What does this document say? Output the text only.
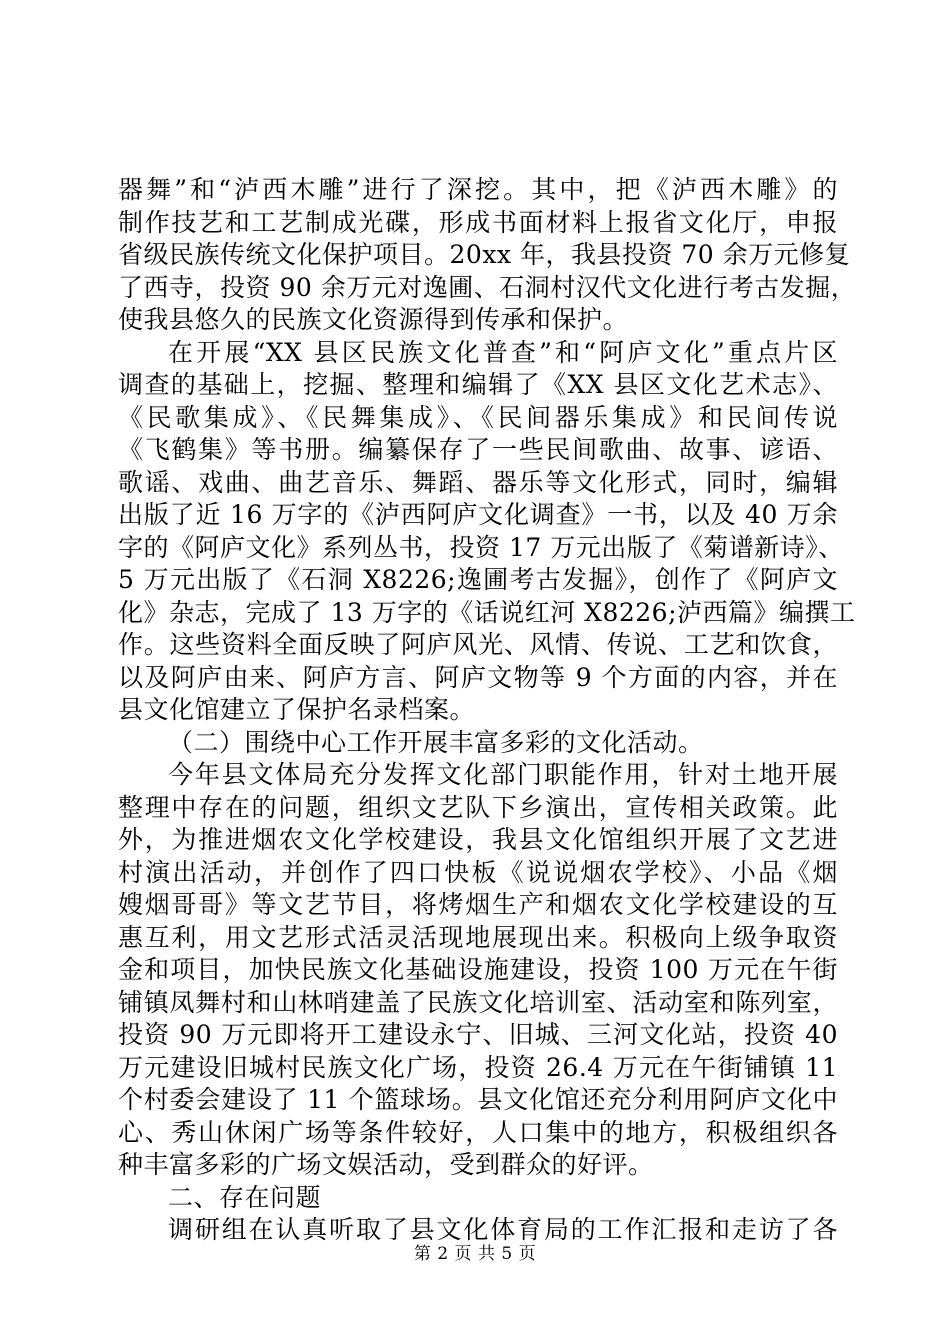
器舞”和“泸西木雕”进行了深挖。其中，把《泸西木雕》的
制作技艺和工艺制成光碟，形成书面材料上报省文化厅，申报
省级民族传统文化保护项目。20xx 年，我县投资 70 余万元修复
了西寺，投资 90 余万元对逸圃、石洞村汉代文化进行考古发掘，
使我县悠久的民族文化资源得到传承和保护。
在开展“XX 县区民族文化普查”和“阿庐文化”重点片区
调查的基础上，挖掘、整理和编辑了《XX 县区文化艺术志》、
《民歌集成》、《民舞集成》、《民间器乐集成》和民间传说
《飞鹤集》等书册。编纂保存了一些民间歌曲、故事、谚语、
歌谣、戏曲、曲艺音乐、舞蹈、器乐等文化形式，同时，编辑
出版了近 16 万字的《泸西阿庐文化调查》一书，以及 40 万余
字的《阿庐文化》系列丛书，投资 17 万元出版了《菊谱新诗》、
5 万元出版了《石洞 X8226;逸圃考古发掘》，创作了《阿庐文
化》杂志，完成了 13 万字的《话说红河 X8226;泸西篇》编撰工
作。这些资料全面反映了阿庐风光、风情、传说、工艺和饮食，
以及阿庐由来、阿庐方言、阿庐文物等 9 个方面的内容，并在
县文化馆建立了保护名录档案。
（二）围绕中心工作开展丰富多彩的文化活动。
今年县文体局充分发挥文化部门职能作用，针对土地开展
整理中存在的问题，组织文艺队下乡演出，宣传相关政策。此
外，为推进烟农文化学校建设，我县文化馆组织开展了文艺进
村演出活动，并创作了四口快板《说说烟农学校》、小品《烟
嫂烟哥哥》等文艺节目，将烤烟生产和烟农文化学校建设的互
惠互利，用文艺形式活灵活现地展现出来。积极向上级争取资
金和项目，加快民族文化基础设施建设，投资 100 万元在午街
铺镇凤舞村和山林哨建盖了民族文化培训室、活动室和陈列室，
投资 90 万元即将开工建设永宁、旧城、三河文化站，投资 40
万元建设旧城村民族文化广场，投资 26.4 万元在午街铺镇 11
个村委会建设了 11 个篮球场。县文化馆还充分利用阿庐文化中
心、秀山休闲广场等条件较好，人口集中的地方，积极组织各
种丰富多彩的广场文娱活动，受到群众的好评。
二、存在问题
调研组在认真听取了县文化体育局的工作汇报和走访了各
第 2 页 共 5 页
